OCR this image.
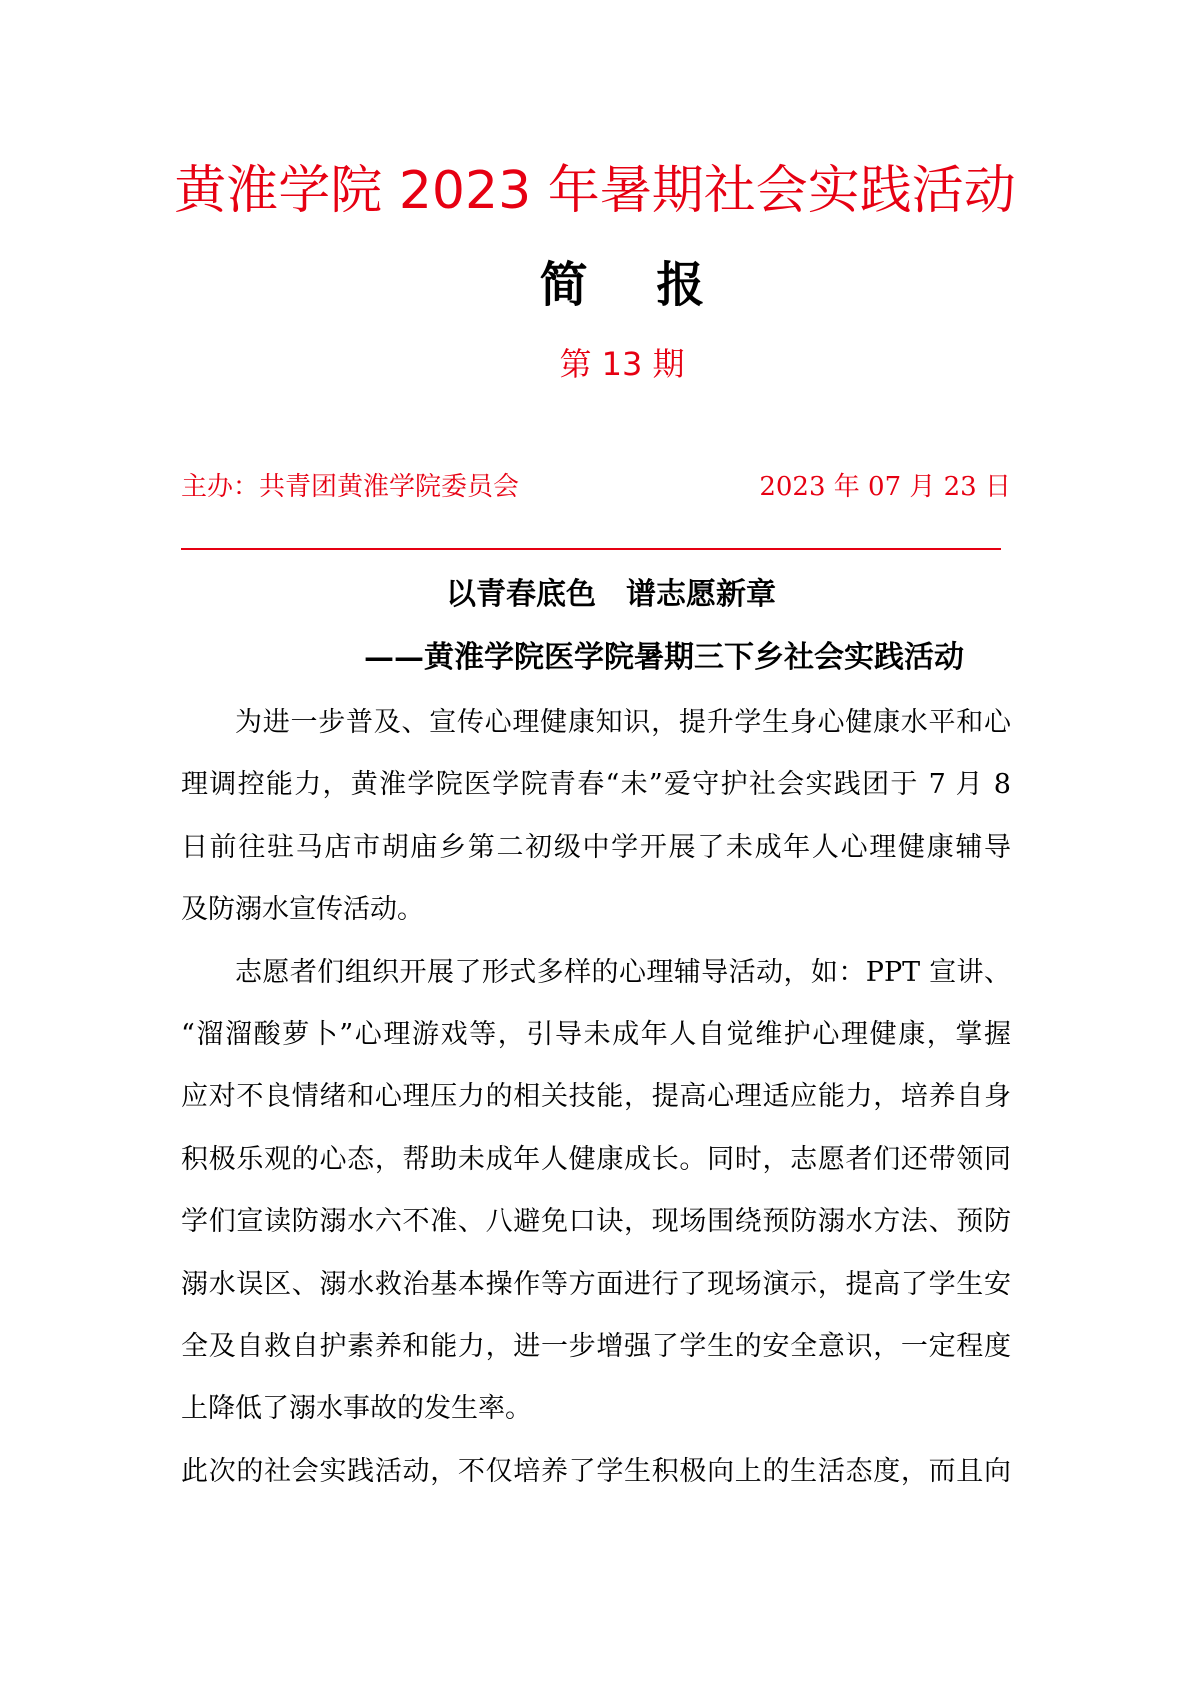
黄淮学院 2023 年暑期社会实践活动
简 报
第 13 期
主办：共青团黄淮学院委员会	2023 年 07 月 23 日
以青春底色　谱志愿新章
——黄淮学院医学院暑期三下乡社会实践活动
为进一步普及、宣传心理健康知识，提升学生身心健康水平和心
理调控能力，黄淮学院医学院青春“未”爱守护社会实践团于 7 月 8
日前往驻马店市胡庙乡第二初级中学开展了未成年人心理健康辅导
及防溺水宣传活动。
志愿者们组织开展了形式多样的心理辅导活动，如：PPT 宣讲、
“溜溜酸萝卜”心理游戏等，引导未成年人自觉维护心理健康，掌握
应对不良情绪和心理压力的相关技能，提高心理适应能力，培养自身
积极乐观的心态，帮助未成年人健康成长。同时，志愿者们还带领同
学们宣读防溺水六不准、八避免口诀，现场围绕预防溺水方法、预防
溺水误区、溺水救治基本操作等方面进行了现场演示，提高了学生安
全及自救自护素养和能力，进一步增强了学生的安全意识，一定程度
上降低了溺水事故的发生率。
此次的社会实践活动，不仅培养了学生积极向上的生活态度，而且向
